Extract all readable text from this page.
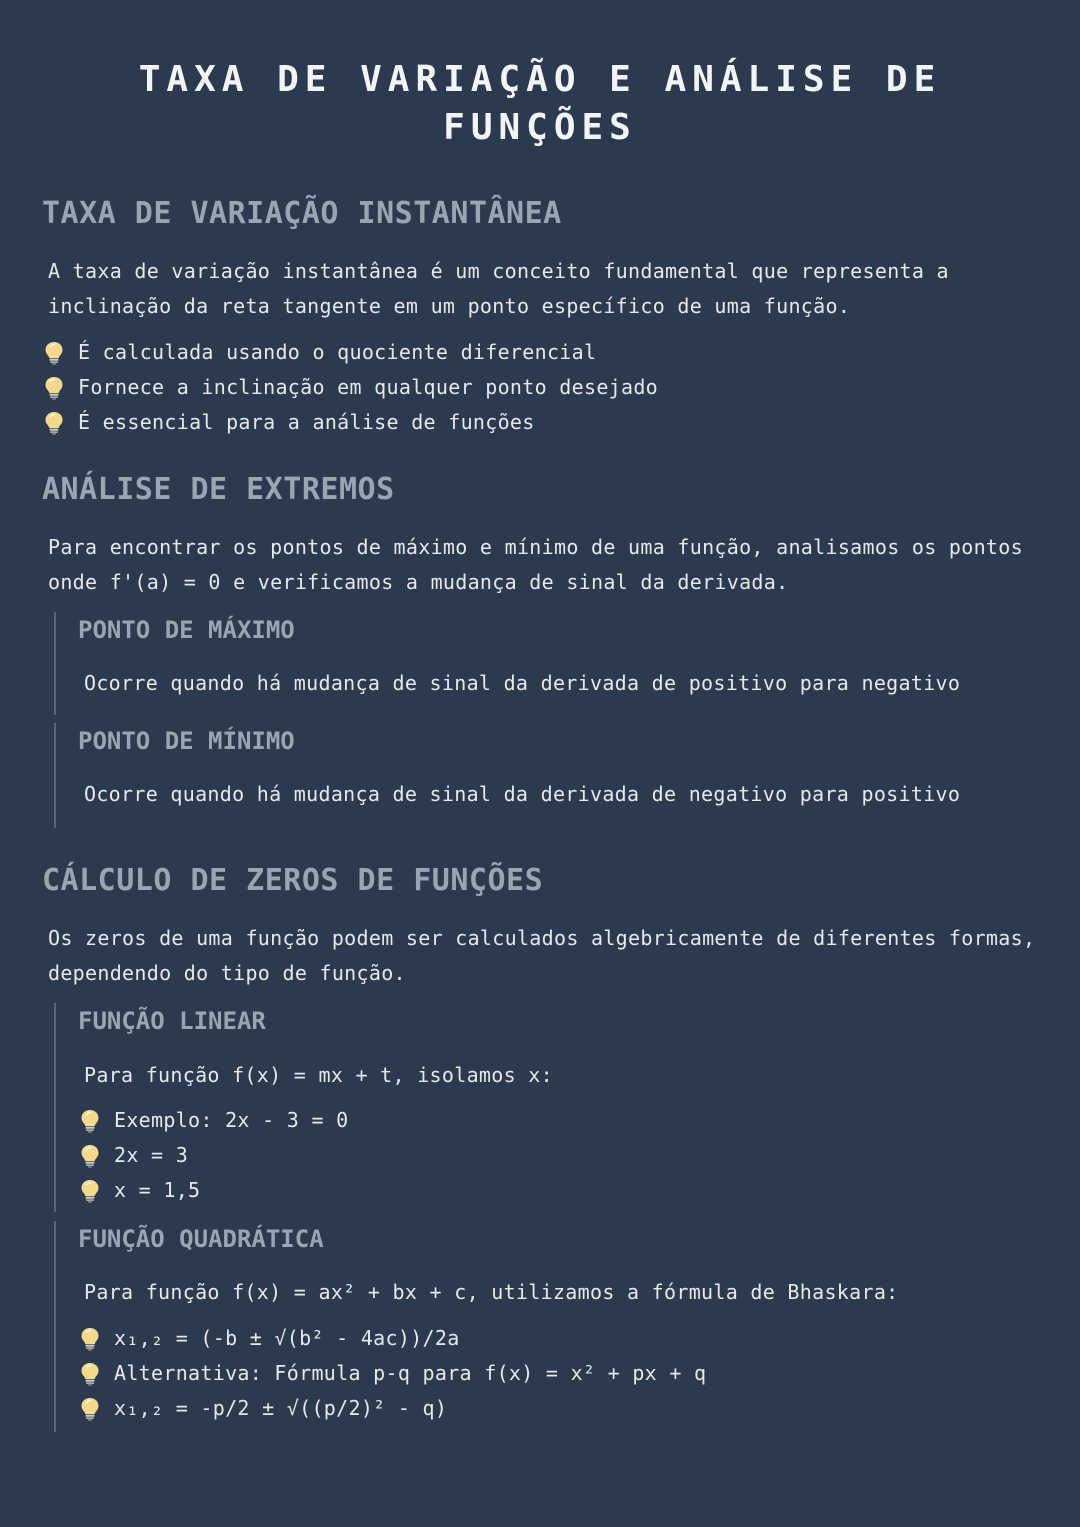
TAXA DE VARIAÇÃO E ANÁLISE DE FUNÇÕES
TAXA DE VARIAÇÃO INSTANTÂNEA

A taxa de variação instantânea é um conceito fundamental que representa a inclinação da reta tangente em um ponto específico de uma função.

É calculada usando o quociente diferencial
Fornece a inclinação em qualquer ponto desejado
É essencial para a análise de funções
ANÁLISE DE EXTREMOS

Para encontrar os pontos de máximo e mínimo de uma função, analisamos os pontos onde f'(a) = 0 e verificamos a mudança de sinal da derivada.

PONTO DE MÁXIMO

Ocorre quando há mudança de sinal da derivada de positivo para negativo

PONTO DE MÍNIMO

Ocorre quando há mudança de sinal da derivada de negativo para positivo

CÁLCULO DE ZEROS DE FUNÇÕES

Os zeros de uma função podem ser calculados algebricamente de diferentes formas, dependendo do tipo de função.

FUNÇÃO LINEAR

Para função f(x) = mx + t, isolamos x:

Exemplo: 2x - 3 = 0
2x = 3
x = 1,5
FUNÇÃO QUADRÁTICA

Para função f(x) = ax² + bx + c, utilizamos a fórmula de Bhaskara:

x₁,₂ = (-b ± √(b² - 4ac))/2a
Alternativa: Fórmula p-q para f(x) = x² + px + q
x₁,₂ = -p/2 ± √((p/2)² - q)
